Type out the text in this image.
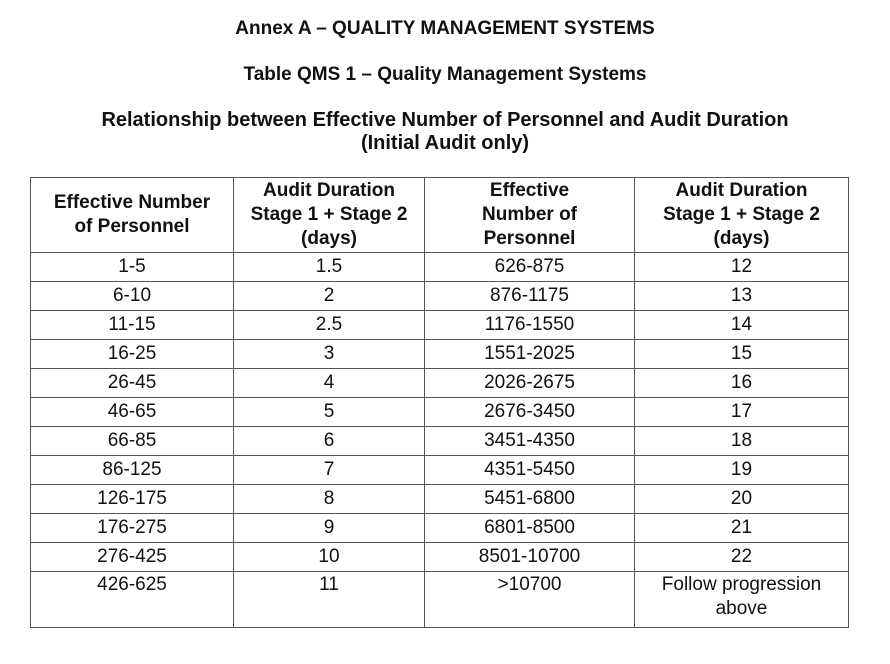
Annex A – QUALITY MANAGEMENT SYSTEMS
Table QMS 1 – Quality Management Systems
Relationship between Effective Number of Personnel and Audit Duration
(Initial Audit only)
Effective Number
of Personnel	Audit Duration
Stage 1 + Stage 2
(days)	Effective
Number of
Personnel	Audit Duration
Stage 1 + Stage 2
(days)
1-5	1.5	626-875	12
6-10	2	876-1175	13
11-15	2.5	1176-1550	14
16-25	3	1551-2025	15
26-45	4	2026-2675	16
46-65	5	2676-3450	17
66-85	6	3451-4350	18
86-125	7	4351-5450	19
126-175	8	5451-6800	20
176-275	9	6801-8500	21
276-425	10	8501-10700	22
426-625	11	>10700	Follow progression
above
